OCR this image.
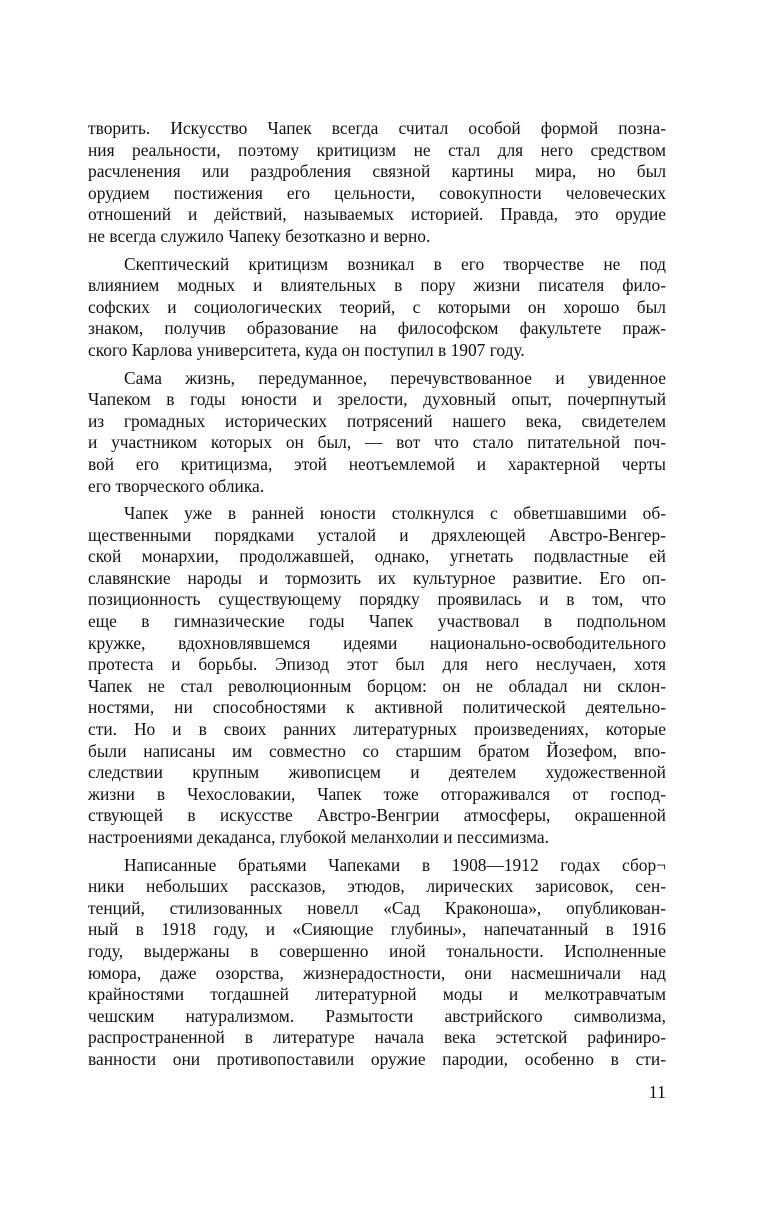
творить. Искусство Чапек всегда считал особой формой позна-
ния реальности, поэтому критицизм не стал для него средством
расчленения или раздробления связной картины мира, но был
орудием постижения его цельности, совокупности человеческих
отношений и действий, называемых историей. Правда, это орудие
не всегда служило Чапеку безотказно и верно.
Скептический критицизм возникал в его творчестве не под
влиянием модных и влиятельных в пору жизни писателя фило-
софских и социологических теорий, с которыми он хорошо был
знаком, получив образование на философском факультете праж-
ского Карлова университета, куда он поступил в 1907 году.
Сама жизнь, передуманное, перечувствованное и увиденное
Чапеком в годы юности и зрелости, духовный опыт, почерпнутый
из громадных исторических потрясений нашего века, свидетелем
и участником которых он был, — вот что стало питательной поч-
вой его критицизма, этой неотъемлемой и характерной черты
его творческого облика.
Чапек уже в ранней юности столкнулся с обветшавшими об-
щественными порядками усталой и дряхлеющей Австро-Венгер-
ской монархии, продолжавшей, однако, угнетать подвластные ей
славянские народы и тормозить их культурное развитие. Его оп-
позиционность существующему порядку проявилась и в том, что
еще в гимназические годы Чапек участвовал в подпольном
кружке, вдохновлявшемся идеями национально-освободительного
протеста и борьбы. Эпизод этот был для него неслучаен, хотя
Чапек не стал революционным борцом: он не обладал ни склон-
ностями, ни способностями к активной политической деятельно-
сти. Но и в своих ранних литературных произведениях, которые
были написаны им совместно со старшим братом Йозефом, впо-
следствии крупным живописцем и деятелем художественной
жизни в Чехословакии, Чапек тоже отгораживался от господ-
ствующей в искусстве Австро-Венгрии атмосферы, окрашенной
настроениями декаданса, глубокой меланхолии и пессимизма.
Написанные братьями Чапеками в 1908—1912 годах сбор¬
ники небольших рассказов, этюдов, лирических зарисовок, сен-
тенций, стилизованных новелл «Сад Краконоша», опубликован-
ный в 1918 году, и «Сияющие глубины», напечатанный в 1916
году, выдержаны в совершенно иной тональности. Исполненные
юмора, даже озорства, жизнерадостности, они насмешничали над
крайностями тогдашней литературной моды и мелкотравчатым
чешским натурализмом. Размытости австрийского символизма,
распространенной в литературе начала века эстетской рафиниро-
ванности они противопоставили оружие пародии, особенно в сти-
11
